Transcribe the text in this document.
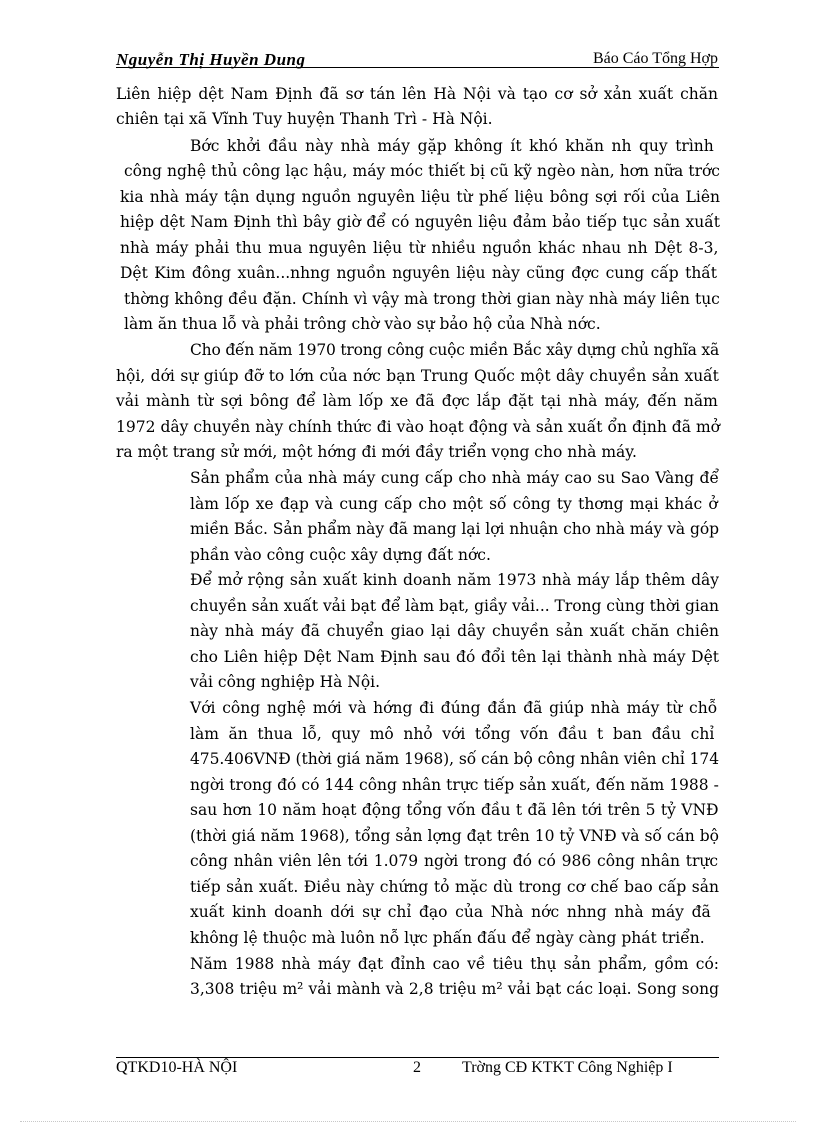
Nguyễn Thị Huyền Dung	Báo Cáo Tổng Hợp
Liên hiệp dệt Nam Định đã sơ tán lên Hà Nội và tạo cơ sở xản xuất chăn
chiên tại xã Vĩnh Tuy huyện Thanh Trì - Hà Nội.
Bớc khởi đầu này nhà máy gặp không ít khó khăn nh quy trình
công nghệ thủ công lạc hậu, máy móc thiết bị cũ kỹ ngèo nàn, hơn nữa trớc
kia nhà máy tận dụng nguồn nguyên liệu từ phế liệu bông sợi rối của Liên
hiệp dệt Nam Định thì bây giờ để có nguyên liệu đảm bảo tiếp tục sản xuất
nhà máy phải thu mua nguyên liệu từ nhiều nguồn khác nhau nh Dệt 8-3,
Dệt Kim đông xuân...nhng nguồn nguyên liệu này cũng đợc cung cấp thất
thờng không đều đặn. Chính vì vậy mà trong thời gian này nhà máy liên tục
làm ăn thua lỗ và phải trông chờ vào sự bảo hộ của Nhà nớc.
Cho đến năm 1970 trong công cuộc miền Bắc xây dựng chủ nghĩa xã
hội, dới sự giúp đỡ to lớn của nớc bạn Trung Quốc một dây chuyền sản xuất
vải mành từ sợi bông để làm lốp xe đã đợc lắp đặt tại nhà máy, đến năm
1972 dây chuyền này chính thức đi vào hoạt động và sản xuất ổn định đã mở
ra một trang sử mới, một hớng đi mới đầy triển vọng cho nhà máy.
Sản phẩm của nhà máy cung cấp cho nhà máy cao su Sao Vàng để
làm lốp xe đạp và cung cấp cho một số công ty thơng mại khác ở
miền Bắc. Sản phẩm này đã mang lại lợi nhuận cho nhà máy và góp
phần vào công cuộc xây dựng đất nớc.
Để mở rộng sản xuất kinh doanh năm 1973 nhà máy lắp thêm dây
chuyền sản xuất vải bạt để làm bạt, giầy vải... Trong cùng thời gian
này nhà máy đã chuyển giao lại dây chuyền sản xuất chăn chiên
cho Liên hiệp Dệt Nam Định sau đó đổi tên lại thành nhà máy Dệt
vải công nghiệp Hà Nội.
Với công nghệ mới và hớng đi đúng đắn đã giúp nhà máy từ chỗ
làm ăn thua lỗ, quy mô nhỏ với tổng vốn đầu t ban đầu chỉ
475.406VNĐ (thời giá năm 1968), số cán bộ công nhân viên chỉ 174
ngời trong đó có 144 công nhân trực tiếp sản xuất, đến năm 1988 -
sau hơn 10 năm hoạt động tổng vốn đầu t đã lên tới trên 5 tỷ VNĐ
(thời giá năm 1968), tổng sản lợng đạt trên 10 tỷ VNĐ và số cán bộ
công nhân viên lên tới 1.079 ngời trong đó có 986 công nhân trực
tiếp sản xuất. Điều này chứng tỏ mặc dù trong cơ chế bao cấp sản
xuất kinh doanh dới sự chỉ đạo của Nhà nớc nhng nhà máy đã
không lệ thuộc mà luôn nỗ lực phấn đấu để ngày càng phát triển.
Năm 1988 nhà máy đạt đỉnh cao về tiêu thụ sản phẩm, gồm có:
3,308 triệu m² vải mành và 2,8 triệu m² vải bạt các loại. Song song
QTKD10-HÀ NỘI	2	Trờng CĐ KTKT Công Nghiệp I
